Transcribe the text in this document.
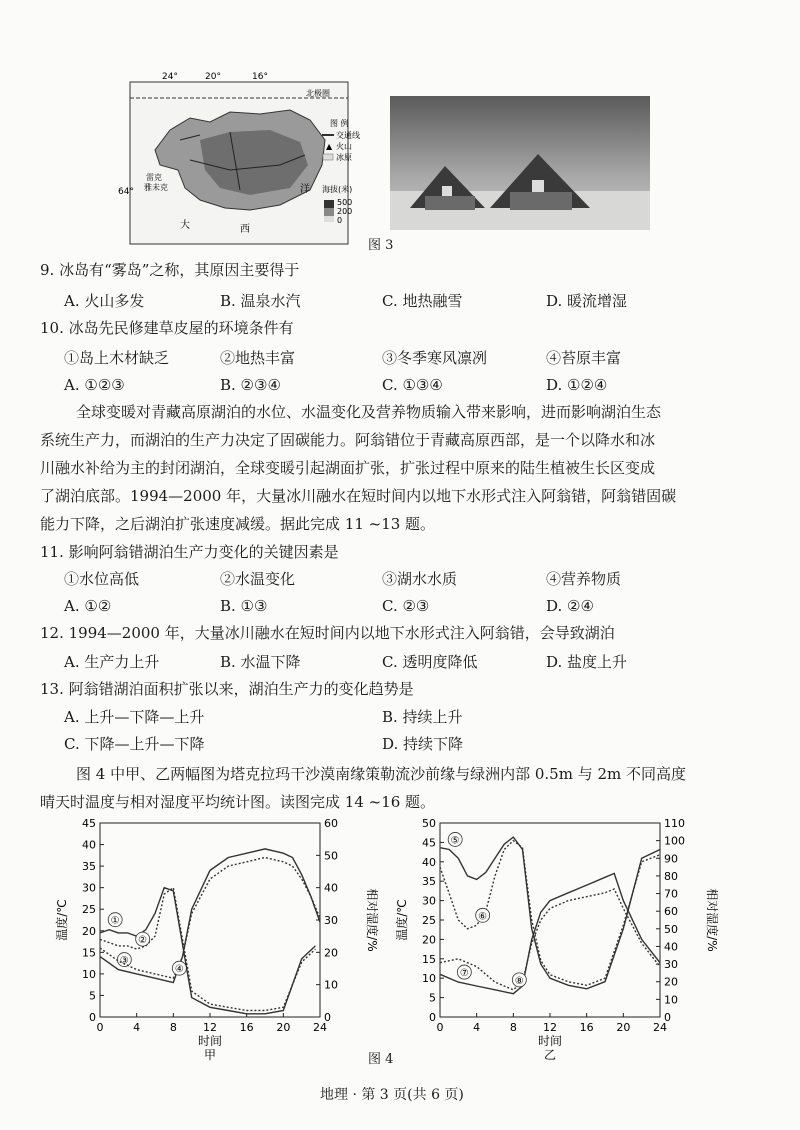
24°	20°	16°
64°
北极圈
雷克
雅未克
大	西
洋
图 例
交通线
▲ 火山
冰原
海拔(米)
500
200
0
图 3
9. 冰岛有“雾岛”之称，其原因主要得于
A. 火山多发	B. 温泉水汽	C. 地热融雪	D. 暖流增湿
10. 冰岛先民修建草皮屋的环境条件有
①岛上木材缺乏	②地热丰富	③冬季寒风凛冽	④苔原丰富
A. ①②③	B. ②③④	C. ①③④	D. ①②④
全球变暖对青藏高原湖泊的水位、水温变化及营养物质输入带来影响，进而影响湖泊生态
系统生产力，而湖泊的生产力决定了固碳能力。阿翁错位于青藏高原西部，是一个以降水和冰
川融水补给为主的封闭湖泊，全球变暖引起湖面扩张，扩张过程中原来的陆生植被生长区变成
了湖泊底部。1994—2000 年，大量冰川融水在短时间内以地下水形式注入阿翁错，阿翁错固碳
能力下降，之后湖泊扩张速度减缓。据此完成 11 ~13 题。
11. 影响阿翁错湖泊生产力变化的关键因素是
①水位高低	②水温变化	③湖水水质	④营养物质
A. ①②	B. ①③	C. ②③	D. ②④
12. 1994—2000 年，大量冰川融水在短时间内以地下水形式注入阿翁错，会导致湖泊
A. 生产力上升	B. 水温下降	C. 透明度降低	D. 盐度上升
13. 阿翁错湖泊面积扩张以来，湖泊生产力的变化趋势是
A. 上升—下降—上升	B. 持续上升
C. 下降—上升—下降	D. 持续下降
图 4 中甲、乙两幅图为塔克拉玛干沙漠南缘策勒流沙前缘与绿洲内部 0.5m 与 2m 不同高度
晴天时温度与相对湿度平均统计图。读图完成 14 ~16 题。
0
5
10
15
20
25
30
35
40
45
0
10
20
30
40
50
60
0	4	8 12 16 20 24
时间
甲
温度/℃	相对湿度/%
①
②
③
④
0
5
10
15
20
25
30
35
40
45
50
0
10
20
30
40
50
60
70
80
90
100
110
0	4	8 12 16 20 24
时间
乙
温度/℃	相对湿度/%
⑤
⑥
⑦
⑧
图 4
地理 · 第 3 页(共 6 页)
